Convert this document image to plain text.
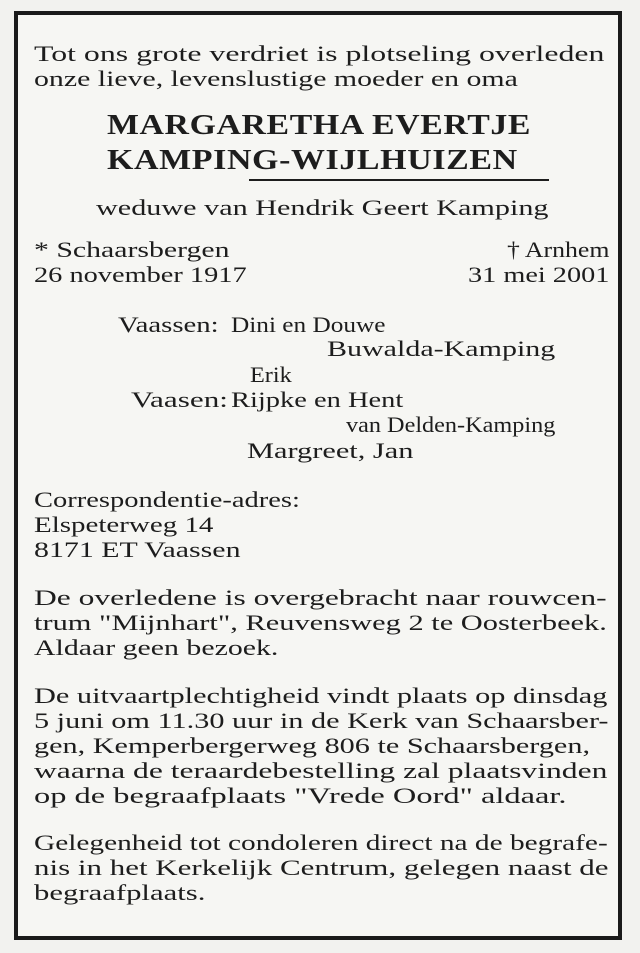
Tot ons grote verdriet is plotseling overleden
onze lieve, levenslustige moeder en oma
MARGARETHA EVERTJE
KAMPING-WIJLHUIZEN
weduwe van Hendrik Geert Kamping
* Schaarsbergen
26 november 1917
† Arnhem
31 mei 2001
Vaassen: Dini en Douwe
Buwalda-Kamping
Erik
Vaasen: Rijpke en Hent
van Delden-Kamping
Margreet, Jan
Correspondentie-adres:
Elspeterweg 14
8171 ET Vaassen
De overledene is overgebracht naar rouwcen-
trum "Mijnhart", Reuvensweg 2 te Oosterbeek.
Aldaar geen bezoek.
De uitvaartplechtigheid vindt plaats op dinsdag
5 juni om 11.30 uur in de Kerk van Schaarsber-
gen, Kemperbergerweg 806 te Schaarsbergen,
waarna de teraardebestelling zal plaatsvinden
op de begraafplaats "Vrede Oord" aldaar.
Gelegenheid tot condoleren direct na de begrafe-
nis in het Kerkelijk Centrum, gelegen naast de
begraafplaats.
